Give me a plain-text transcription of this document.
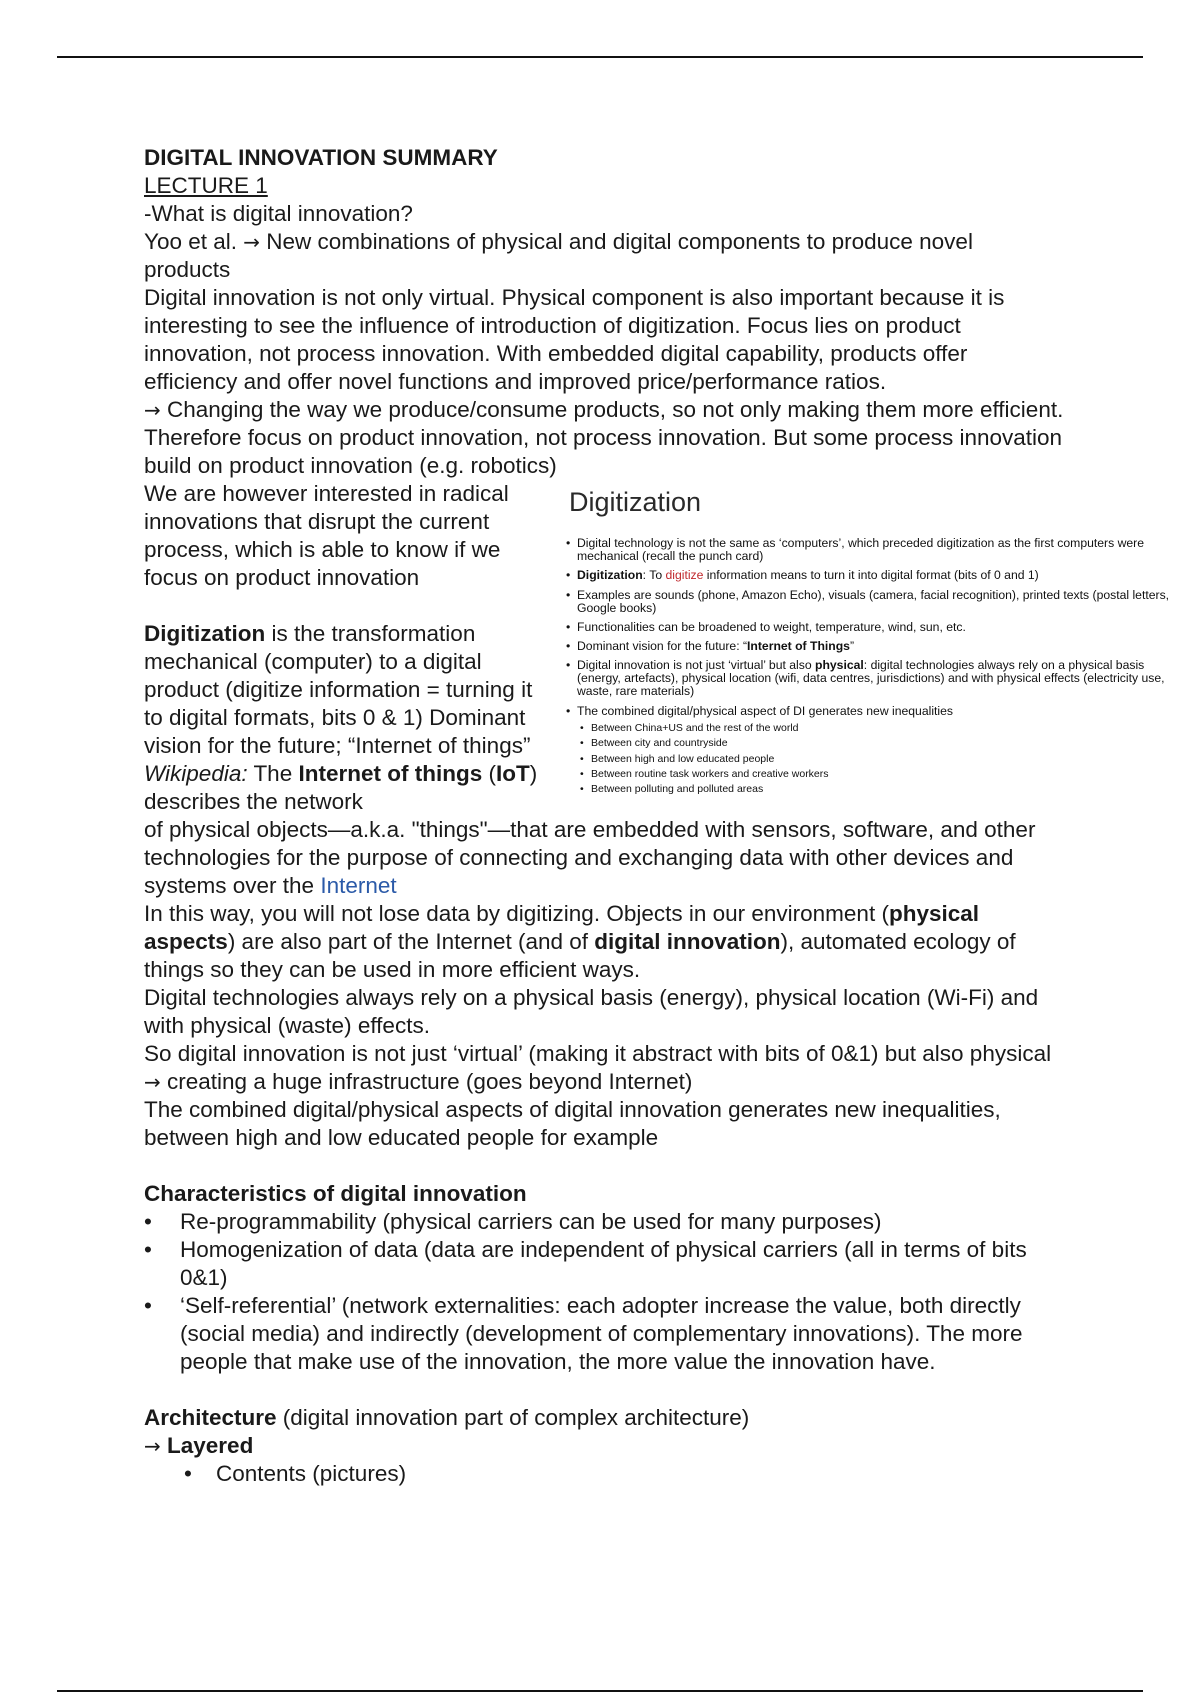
DIGITAL INNOVATION SUMMARY

LECTURE 1

-What is digital innovation?

Yoo et al. → New combinations of physical and digital components to produce novel products

Digital innovation is not only virtual. Physical component is also important because it is interesting to see the influence of introduction of digitization. Focus lies on product innovation, not process innovation. With embedded digital capability, products offer efficiency and offer novel functions and improved price/performance ratios.

→ Changing the way we produce/consume products, so not only making them more efficient. Therefore focus on product innovation, not process innovation. But some process innovation build on product innovation (e.g. robotics)

We are however interested in radical innovations that disrupt the current process, which is able to know if we focus on product innovation

Digitization is the transformation mechanical (computer) to a digital product (digitize information = turning it to digital formats, bits 0 & 1) Dominant vision for the future; “Internet of things”

Wikipedia: The Internet of things (IoT) describes the network

of physical objects—a.k.a. "things"—that are embedded with sensors, software, and other technologies for the purpose of connecting and exchanging data with other devices and systems over the Internet

In this way, you will not lose data by digitizing. Objects in our environment (physical aspects) are also part of the Internet (and of digital innovation), automated ecology of things so they can be used in more efficient ways.

Digital technologies always rely on a physical basis (energy), physical location (Wi-Fi) and with physical (waste) effects.

So digital innovation is not just ‘virtual’ (making it abstract with bits of 0&1) but also physical → creating a huge infrastructure (goes beyond Internet)

The combined digital/physical aspects of digital innovation generates new inequalities, between high and low educated people for example

Characteristics of digital innovation

• Re-programmability (physical carriers can be used for many purposes)
• Homogenization of data (data are independent of physical carriers (all in terms of bits 0&1)
• ‘Self-referential’ (network externalities: each adopter increase the value, both directly (social media) and indirectly (development of complementary innovations). The more people that make use of the innovation, the more value the innovation have.

Architecture (digital innovation part of complex architecture)

→ Layered

• Contents (pictures)
Digitization
• Digital technology is not the same as ‘computers’, which preceded digitization as the first computers were mechanical (recall the punch card)
• Digitization: To digitize information means to turn it into digital format (bits of 0 and 1)
• Examples are sounds (phone, Amazon Echo), visuals (camera, facial recognition), printed texts (postal letters, Google books)
• Functionalities can be broadened to weight, temperature, wind, sun, etc.
• Dominant vision for the future: “Internet of Things”
• Digital innovation is not just ‘virtual’ but also physical: digital technologies always rely on a physical basis (energy, artefacts), physical location (wifi, data centres, jurisdictions) and with physical effects (electricity use, waste, rare materials)
• The combined digital/physical aspect of DI generates new inequalities
• Between China+US and the rest of the world
• Between city and countryside
• Between high and low educated people
• Between routine task workers and creative workers
• Between polluting and polluted areas
